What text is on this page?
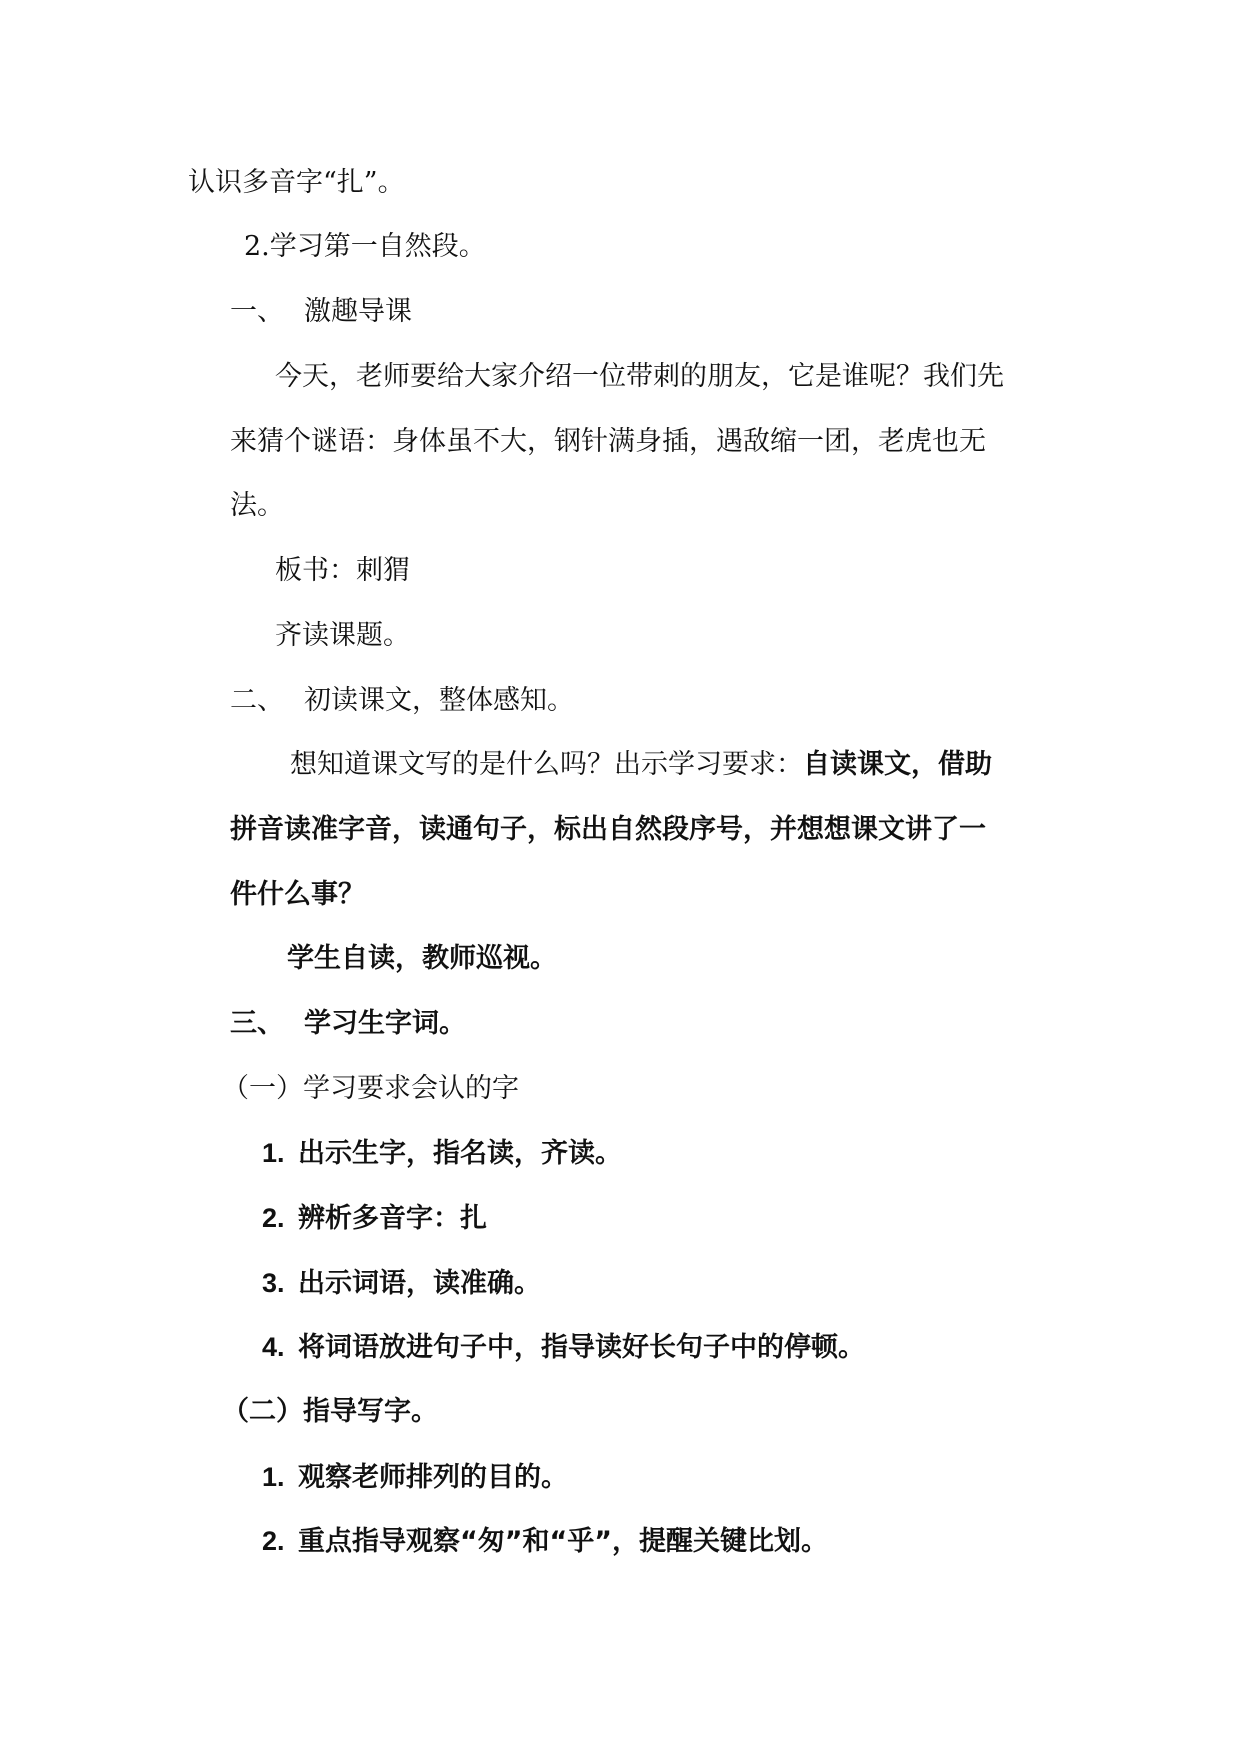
认识多音字“扎”。
2.学习第一自然段。
一、 激趣导课
今天，老师要给大家介绍一位带刺的朋友，它是谁呢？我们先
来猜个谜语：身体虽不大，钢针满身插，遇敌缩一团，老虎也无
法。
板书：刺猬
齐读课题。
二、 初读课文，整体感知。
想知道课文写的是什么吗？出示学习要求：自读课文，借助
拼音读准字音，读通句子，标出自然段序号，并想想课文讲了一
件什么事？
学生自读，教师巡视。
三、 学习生字词。
（一）学习要求会认的字
1. 出示生字，指名读，齐读。
2. 辨析多音字：扎
3. 出示词语，读准确。
4. 将词语放进句子中，指导读好长句子中的停顿。
（二）指导写字。
1. 观察老师排列的目的。
2. 重点指导观察“匆”和“乎”，提醒关键比划。
